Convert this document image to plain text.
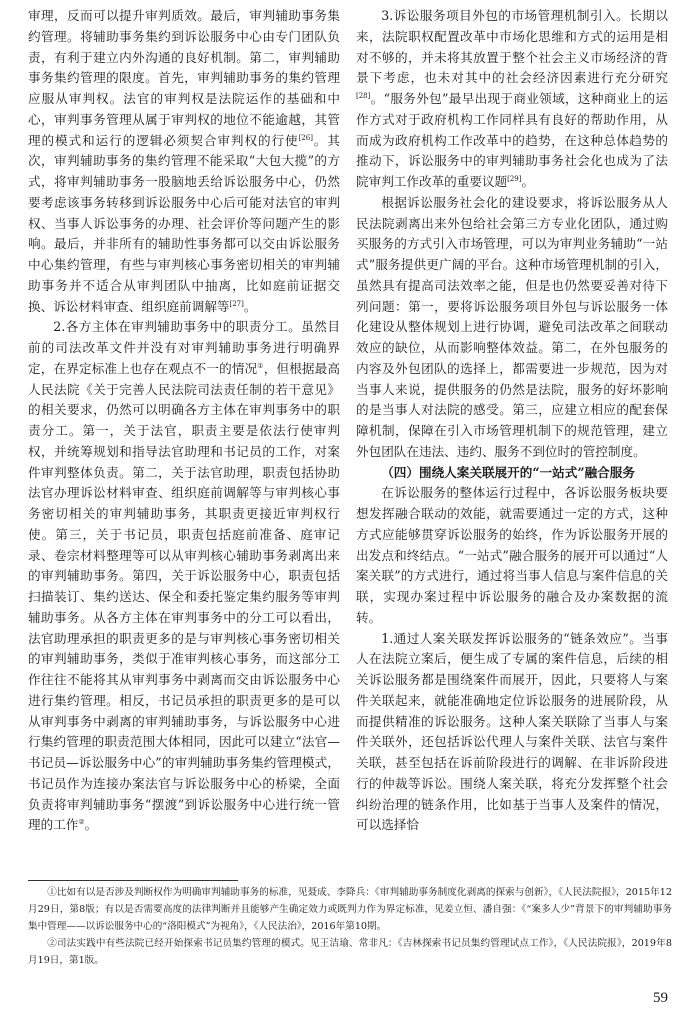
审理，反而可以提升审判质效。最后，审判辅助事务集约管理。将辅助事务集约到诉讼服务中心由专门团队负责，有利于建立内外沟通的良好机制。第二，审判辅助事务集约管理的限度。首先，审判辅助事务的集约管理应服从审判权。法官的审判权是法院运作的基础和中心，审判事务管理从属于审判权的地位不能逾越，其管理的模式和运行的逻辑必须契合审判权的行使[26]。其次，审判辅助事务的集约管理不能采取“大包大揽”的方式，将审判辅助事务一股脑地丢给诉讼服务中心，仍然要考虑该事务转移到诉讼服务中心后可能对法官的审判权、当事人诉讼事务的办理、社会评价等问题产生的影响。最后，并非所有的辅助性事务都可以交由诉讼服务中心集约管理，有些与审判核心事务密切相关的审判辅助事务并不适合从审判团队中抽离，比如庭前证据交换、诉讼材料审查、组织庭前调解等[27]。

2.各方主体在审判辅助事务中的职责分工。虽然目前的司法改革文件并没有对审判辅助事务进行明确界定，在界定标准上也存在观点不一的情况①，但根据最高人民法院《关于完善人民法院司法责任制的若干意见》的相关要求，仍然可以明确各方主体在审判事务中的职责分工。第一，关于法官，职责主要是依法行使审判权，并统筹规划和指导法官助理和书记员的工作，对案件审判整体负责。第二，关于法官助理，职责包括协助法官办理诉讼材料审查、组织庭前调解等与审判核心事务密切相关的审判辅助事务，其职责更接近审判权行使。第三，关于书记员，职责包括庭前准备、庭审记录、卷宗材料整理等可以从审判核心辅助事务剥离出来的审判辅助事务。第四，关于诉讼服务中心，职责包括扫描装订、集约送达、保全和委托鉴定集约服务等审判辅助事务。从各方主体在审判事务中的分工可以看出，法官助理承担的职责更多的是与审判核心事务密切相关的审判辅助事务，类似于准审判核心事务，而这部分工作往往不能将其从审判事务中剥离而交由诉讼服务中心进行集约管理。相反，书记员承担的职责更多的是可以从审判事务中剥离的审判辅助事务，与诉讼服务中心进行集约管理的职责范围大体相同，因此可以建立“法官—书记员—诉讼服务中心”的审判辅助事务集约管理模式，书记员作为连接办案法官与诉讼服务中心的桥梁，全面负责将审判辅助事务“摆渡”到诉讼服务中心进行统一管理的工作②。

3.诉讼服务项目外包的市场管理机制引入。长期以来，法院职权配置改革中市场化思维和方式的运用是相对不够的，并未将其放置于整个社会主义市场经济的背景下考虑，也未对其中的社会经济因素进行充分研究[28]。“服务外包”最早出现于商业领域，这种商业上的运作方式对于政府机构工作同样具有良好的帮助作用，从而成为政府机构工作改革中的趋势，在这种总体趋势的推动下，诉讼服务中的审判辅助事务社会化也成为了法院审判工作改革的重要议题[29]。

根据诉讼服务社会化的建设要求，将诉讼服务从人民法院剥离出来外包给社会第三方专业化团队，通过购买服务的方式引入市场管理，可以为审判业务辅助“一站式”服务提供更广阔的平台。这种市场管理机制的引入，虽然具有提高司法效率之能，但是也仍然要妥善对待下列问题：第一，要将诉讼服务项目外包与诉讼服务一体化建设从整体规划上进行协调，避免司法改革之间联动效应的缺位，从而影响整体效益。第二，在外包服务的内容及外包团队的选择上，都需要进一步规范，因为对当事人来说，提供服务的仍然是法院，服务的好坏影响的是当事人对法院的感受。第三，应建立相应的配套保障机制，保障在引入市场管理机制下的规范管理，建立外包团队在违法、违约、服务不到位时的管控制度。

（四）围绕人案关联展开的“一站式”融合服务

在诉讼服务的整体运行过程中，各诉讼服务板块要想发挥融合联动的效能，就需要通过一定的方式，这种方式应能够贯穿诉讼服务的始终，作为诉讼服务开展的出发点和终结点。“一站式”融合服务的展开可以通过“人案关联”的方式进行，通过将当事人信息与案件信息的关联，实现办案过程中诉讼服务的融合及办案数据的流转。

1.通过人案关联发挥诉讼服务的“链条效应”。当事人在法院立案后，便生成了专属的案件信息，后续的相关诉讼服务都是围绕案件而展开，因此，只要将人与案件关联起来，就能准确地定位诉讼服务的进展阶段，从而提供精准的诉讼服务。这种人案关联除了当事人与案件关联外，还包括诉讼代理人与案件关联、法官与案件关联，甚至包括在诉前阶段进行的调解、在非诉阶段进行的仲裁等诉讼。围绕人案关联，将充分发挥整个社会纠纷治理的链条作用，比如基于当事人及案件的情况，可以选择恰

①比如有以是否涉及判断权作为明确审判辅助事务的标准，见聂成、李降兵：《审判辅助事务制度化剥离的探索与创新》，《人民法院报》，2015年12月29日，第8版；有以是否需要高度的法律判断并且能够产生确定效力或既判力作为界定标准，见姜立恒、潘自强：《“案多人少”背景下的审判辅助事务集中管理——以诉讼服务中心的“洛阳模式”为视角》，《人民法治》，2016年第10期。

②司法实践中有些法院已经开始探索书记员集约管理的模式。见王洁瑜、常非凡：《吉林探索书记员集约管理试点工作》，《人民法院报》，2019年8月19日，第1版。

59
